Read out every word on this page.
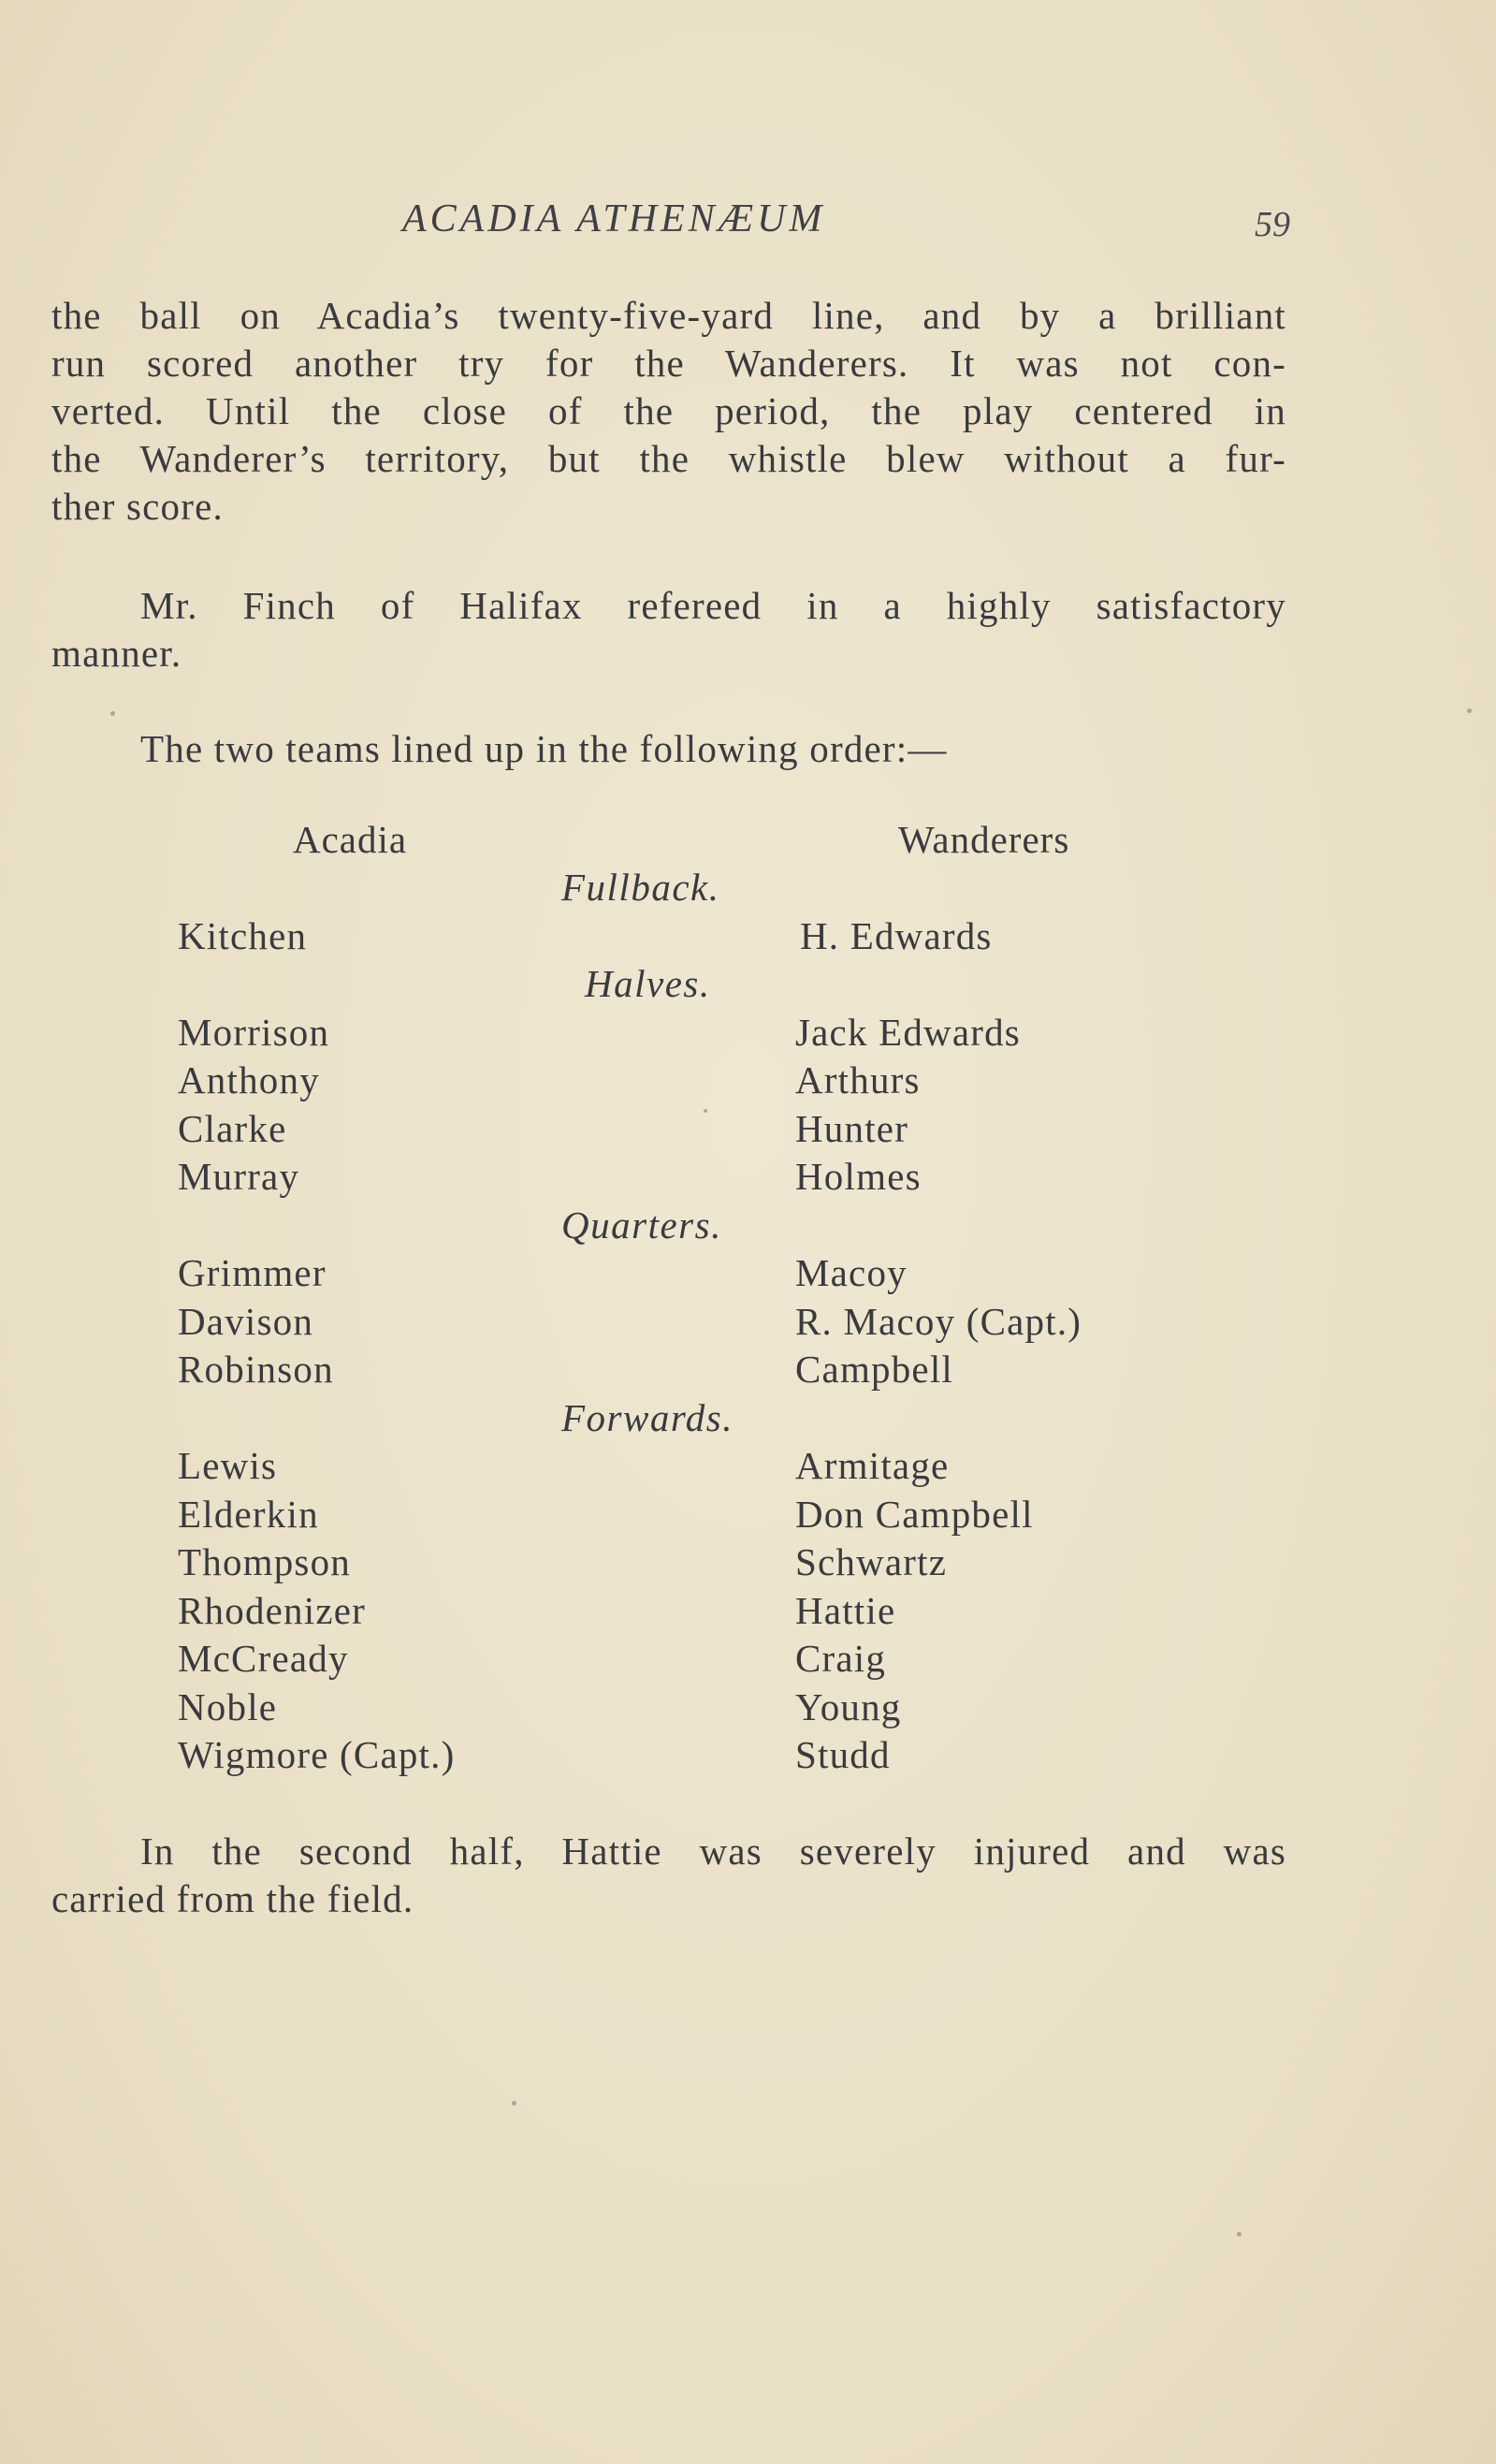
ACADIA ATHENÆUM	59
the ball on Acadia’s twenty-five-yard line, and by a brilliant
run scored another try for the Wanderers. It was not con-
verted. Until the close of the period, the play centered in
the Wanderer’s territory, but the whistle blew without a fur-
ther score.
Mr. Finch of Halifax refereed in a highly satisfactory
manner.
The two teams lined up in the following order:—
Acadia	Wanderers
Fullback.
Halves.
Quarters.
Forwards.
Kitchen
Morrison
Anthony
Clarke
Murray
Grimmer
Davison
Robinson
Lewis
Elderkin
Thompson
Rhodenizer
McCready
Noble
Wigmore (Capt.)
H. Edwards
Jack Edwards
Arthurs
Hunter
Holmes
Macoy
R. Macoy (Capt.)
Campbell
Armitage
Don Campbell
Schwartz
Hattie
Craig
Young
Studd
In the second half, Hattie was severely injured and was
carried from the field.
